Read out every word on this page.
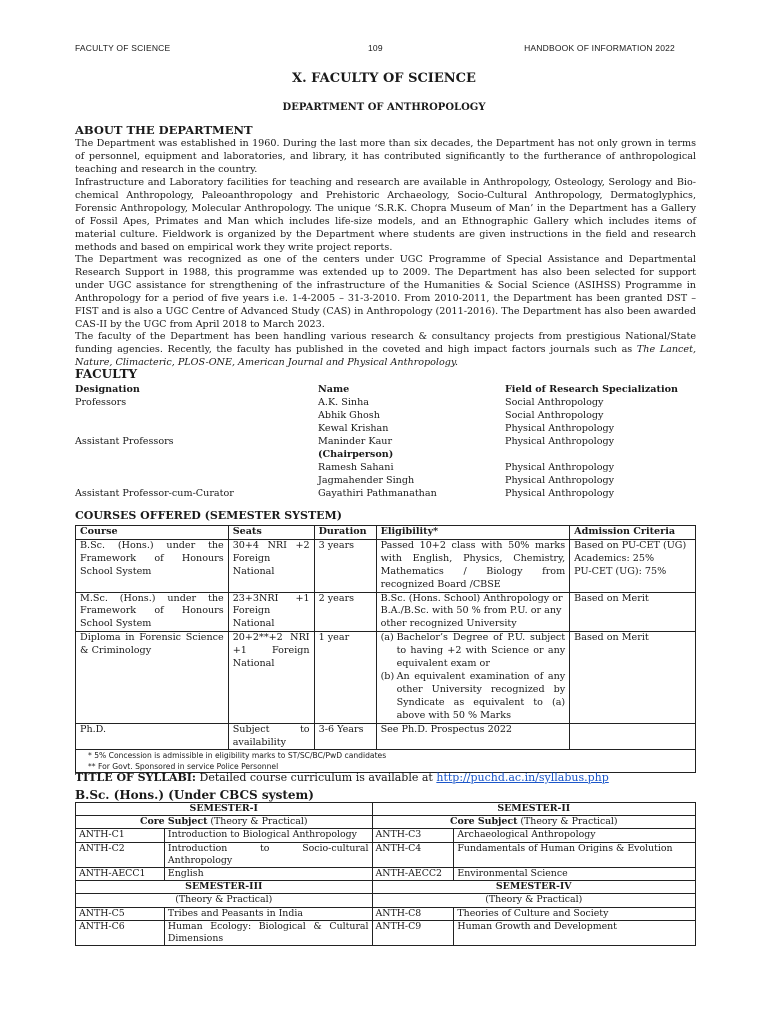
FACULTY OF SCIENCE	109	HANDBOOK OF INFORMATION 2022
X. FACULTY OF SCIENCE
DEPARTMENT OF ANTHROPOLOGY
ABOUT THE DEPARTMENT
The Department was established in 1960. During the last more than six decades, the Department has not only grown in terms of personnel, equipment and laboratories, and library, it has contributed significantly to the furtherance of anthropological teaching and research in the country.
Infrastructure and Laboratory facilities for teaching and research are available in Anthropology, Osteology, Serology and Bio-chemical Anthropology, Paleoanthropology and Prehistoric Archaeology, Socio-Cultural Anthropology, Dermatoglyphics, Forensic Anthropology, Molecular Anthropology. The unique ‘S.R.K. Chopra Museum of Man’ in the Department has a Gallery of Fossil Apes, Primates and Man which includes life-size models, and an Ethnographic Gallery which includes items of material culture. Fieldwork is organized by the Department where students are given instructions in the field and research methods and based on empirical work they write project reports.
The Department was recognized as one of the centers under UGC Programme of Special Assistance and Departmental Research Support in 1988, this programme was extended up to 2009. The Department has also been selected for support under UGC assistance for strengthening of the infrastructure of the Humanities & Social Science (ASIHSS) Programme in Anthropology for a period of five years i.e. 1-4-2005 – 31-3-2010. From 2010-2011, the Department has been granted DST – FIST and is also a UGC Centre of Advanced Study (CAS) in Anthropology (2011-2016). The Department has also been awarded CAS-II by the UGC from April 2018 to March 2023.
The faculty of the Department has been handling various research & consultancy projects from prestigious National/State funding agencies. Recently, the faculty has published in the coveted and high impact factors journals such as The Lancet, Nature, Climacteric, PLOS-ONE, American Journal and Physical Anthropology.
FACULTY
Designation	Name	Field of Research Specialization
Professors	A.K. Sinha	Social Anthropology
Abhik Ghosh	Social Anthropology
Kewal Krishan	Physical Anthropology
Assistant Professors	Maninder Kaur	Physical Anthropology
(Chairperson)
Ramesh Sahani	Physical Anthropology
Jagmahender Singh	Physical Anthropology
Assistant Professor-cum-Curator	Gayathiri Pathmanathan	Physical Anthropology
COURSES OFFERED (SEMESTER SYSTEM)
Course	Seats	Duration	Eligibility*	Admission Criteria
B.Sc. (Hons.) under the Framework of Honours School System	30+4 NRI +2 Foreign National	3 years	Passed 10+2 class with 50% marks with English, Physics, Chemistry, Mathematics / Biology from recognized Board /CBSE	Based on PU-CET (UG)
Academics: 25%
PU-CET (UG): 75%

M.Sc. (Hons.) under the Framework of Honours School System	23+3NRI +1 Foreign National	2 years	B.Sc. (Hons. School) Anthropology or B.A./B.Sc. with 50 % from P.U. or any other recognized University	Based on Merit
Diploma in Forensic Science & Criminology	20+2**+2 NRI +1 Foreign National	1 year	(a) Bachelor’s Degree of P.U. subject to having +2 with Science or any equivalent exam or
(b) An equivalent examination of any other University recognized by Syndicate as equivalent to (a) above with 50 % Marks	Based on Merit
Ph.D.	Subject to availability	3-6 Years	See Ph.D. Prospectus 2022	

* 5% Concession is admissible in eligibility marks to ST/SC/BC/PwD candidates
** For Govt. Sponsored in service Police Personnel				
TITLE OF SYLLABI: Detailed course curriculum is available at http://puchd.ac.in/syllabus.php
B.Sc. (Hons.) (Under CBCS system)
SEMESTER-I		SEMESTER-II	
Core Subject (Theory & Practical)		Core Subject (Theory & Practical)	
ANTH-C1	Introduction to Biological Anthropology	ANTH-C3	Archaeological Anthropology
ANTH-C2	Introduction to Socio-cultural Anthropology	ANTH-C4	Fundamentals of Human Origins & Evolution
ANTH-AECC1	English	ANTH-AECC2	Environmental Science
SEMESTER-III		SEMESTER-IV	
(Theory & Practical)		(Theory & Practical)	
ANTH-C5	Tribes and Peasants in India	ANTH-C8	Theories of Culture and Society
ANTH-C6	Human Ecology: Biological & Cultural Dimensions	ANTH-C9	Human Growth and Development
